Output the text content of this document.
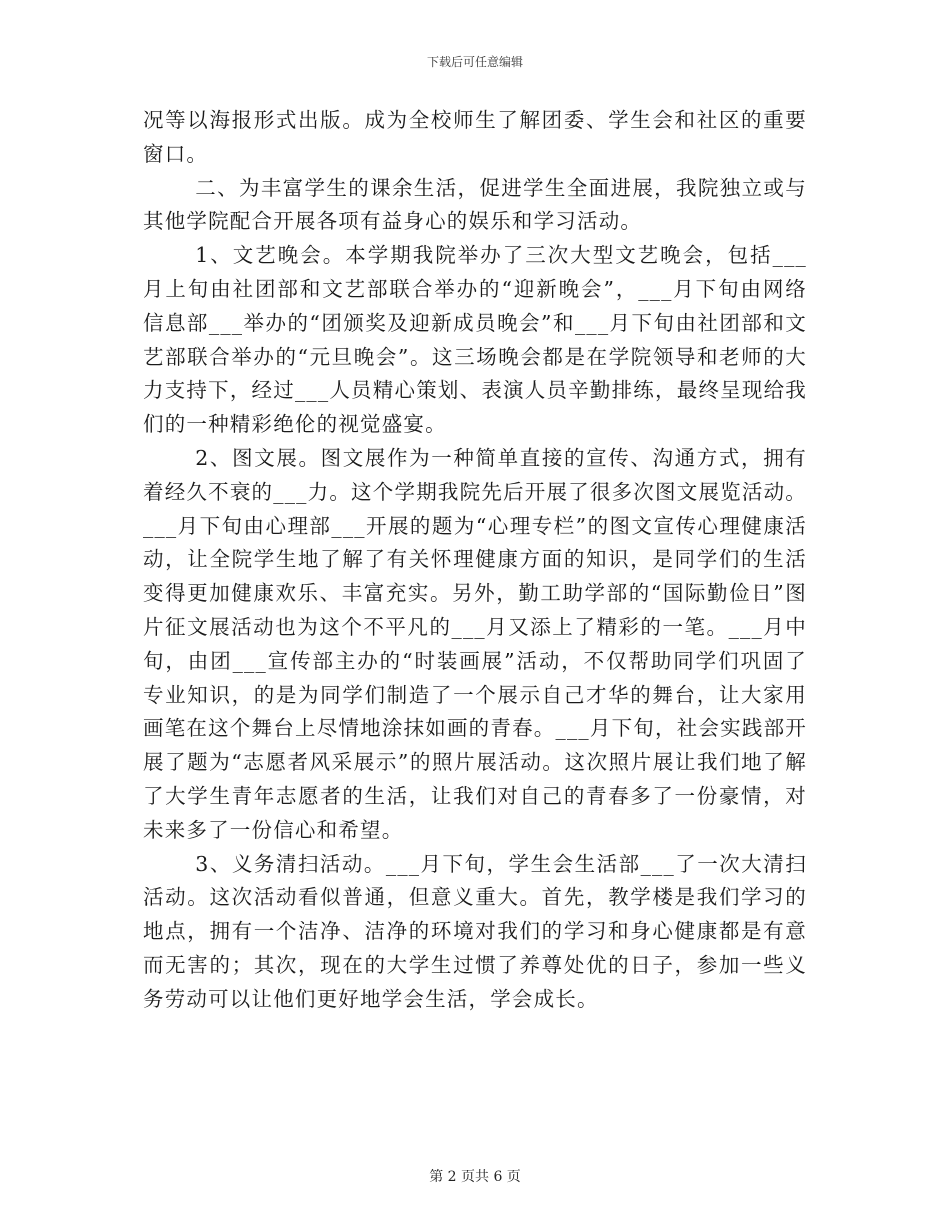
下载后可任意编辑

况等以海报形式出版。成为全校师生了解团委、学生会和社区的重要窗口。

二、为丰富学生的课余生活，促进学生全面进展，我院独立或与其他学院配合开展各项有益身心的娱乐和学习活动。

1、文艺晚会。本学期我院举办了三次大型文艺晚会，包括___月上旬由社团部和文艺部联合举办的“迎新晚会”，___月下旬由网络信息部___举办的“团颁奖及迎新成员晚会”和___月下旬由社团部和文艺部联合举办的“元旦晚会”。这三场晚会都是在学院领导和老师的大力支持下，经过___人员精心策划、表演人员辛勤排练，最终呈现给我们的一种精彩绝伦的视觉盛宴。

2、图文展。图文展作为一种简单直接的宣传、沟通方式，拥有着经久不衰的___力。这个学期我院先后开展了很多次图文展览活动。___月下旬由心理部___开展的题为“心理专栏”的图文宣传心理健康活动，让全院学生地了解了有关怀理健康方面的知识，是同学们的生活变得更加健康欢乐、丰富充实。另外，勤工助学部的“国际勤俭日”图片征文展活动也为这个不平凡的___月又添上了精彩的一笔。___月中旬，由团___宣传部主办的“时装画展”活动，不仅帮助同学们巩固了专业知识，的是为同学们制造了一个展示自己才华的舞台，让大家用画笔在这个舞台上尽情地涂抹如画的青春。___月下旬，社会实践部开展了题为“志愿者风采展示”的照片展活动。这次照片展让我们地了解了大学生青年志愿者的生活，让我们对自己的青春多了一份豪情，对未来多了一份信心和希望。

3、义务清扫活动。___月下旬，学生会生活部___了一次大清扫活动。这次活动看似普通，但意义重大。首先，教学楼是我们学习的地点，拥有一个洁净、洁净的环境对我们的学习和身心健康都是有意而无害的；其次，现在的大学生过惯了养尊处优的日子，参加一些义务劳动可以让他们更好地学会生活，学会成长。

第 2 页共 6 页
